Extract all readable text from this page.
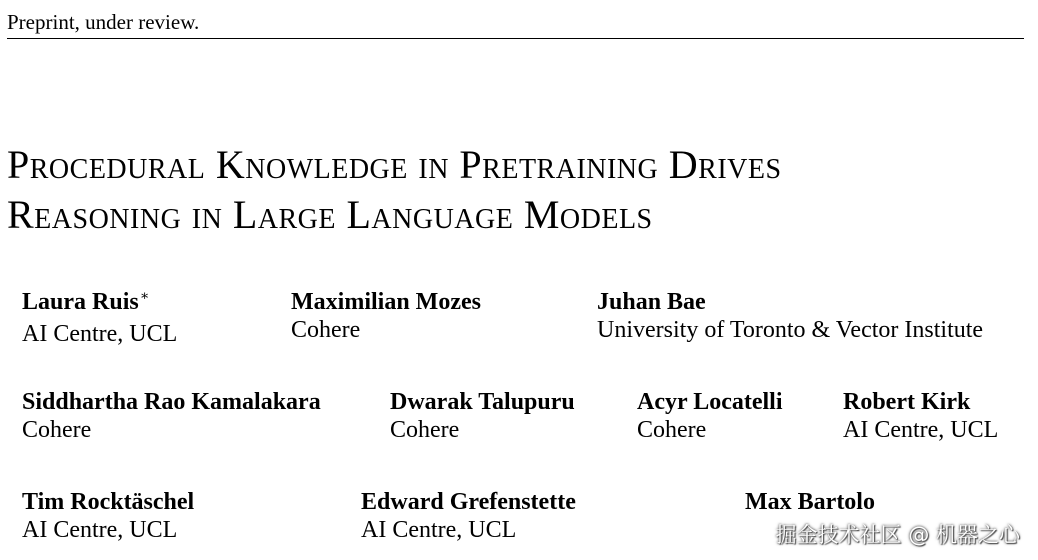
Preprint, under review.
Procedural Knowledge in Pretraining Drives
Reasoning in Large Language Models
Laura Ruis∗
AI Centre, UCL
Maximilian Mozes
Cohere
Juhan Bae
University of Toronto & Vector Institute
Siddhartha Rao Kamalakara
Cohere
Dwarak Talupuru
Cohere
Acyr Locatelli
Cohere
Robert Kirk
AI Centre, UCL
Tim Rocktäschel
AI Centre, UCL
Edward Grefenstette
AI Centre, UCL
Max Bartolo
掘金技术社区 @ 机器之心
